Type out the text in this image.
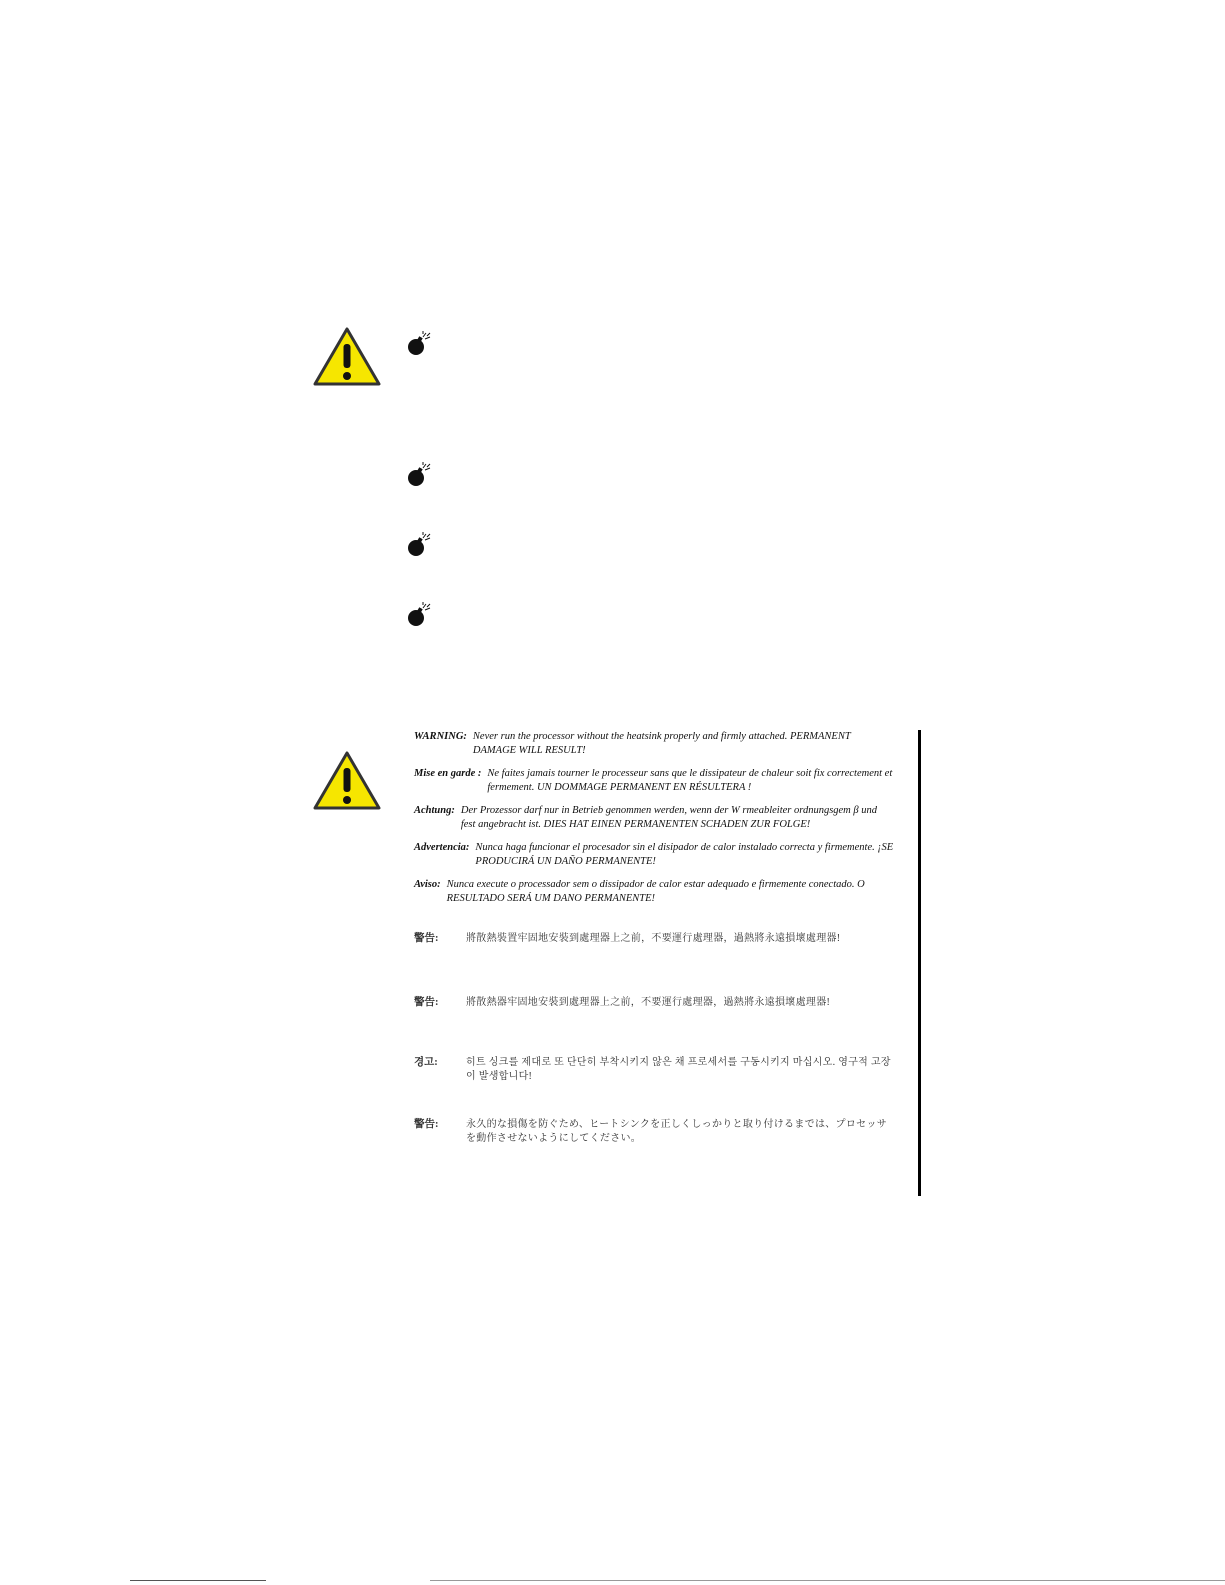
WARNING: Never run the processor without the heatsink properly and firmly attached. PERMANENT DAMAGE WILL RESULT!
Mise en garde : Ne faites jamais tourner le processeur sans que le dissipateur de chaleur soit fix correctement et fermement. UN DOMMAGE PERMANENT EN RÉSULTERA !
Achtung: Der Prozessor darf nur in Betrieb genommen werden, wenn der W rmeableiter ordnungsgem β und fest angebracht ist. DIES HAT EINEN PERMANENTEN SCHADEN ZUR FOLGE!
Advertencia: Nunca haga funcionar el procesador sin el disipador de calor instalado correcta y firmemente. ¡SE PRODUCIRÁ UN DAÑO PERMANENTE!
Aviso: Nunca execute o processador sem o dissipador de calor estar adequado e firmemente conectado. O RESULTADO SERÁ UM DANO PERMANENTE!
警告:	將散熱裝置牢固地安裝到處理器上之前，不要運行處理器，過熱將永遠損壞處理器!
警告:	將散熱器牢固地安裝到處理器上之前，不要運行處理器，過熱將永遠損壞處理器!
경고:	히트 싱크를 제대로 또 단단히 부착시키지 않은 채 프로세서를 구동시키지 마십시오. 영구적 고장이 발생합니다!
警告:	永久的な損傷を防ぐため、ヒートシンクを正しくしっかりと取り付けるまでは、プロセッサを動作させないようにしてください。
